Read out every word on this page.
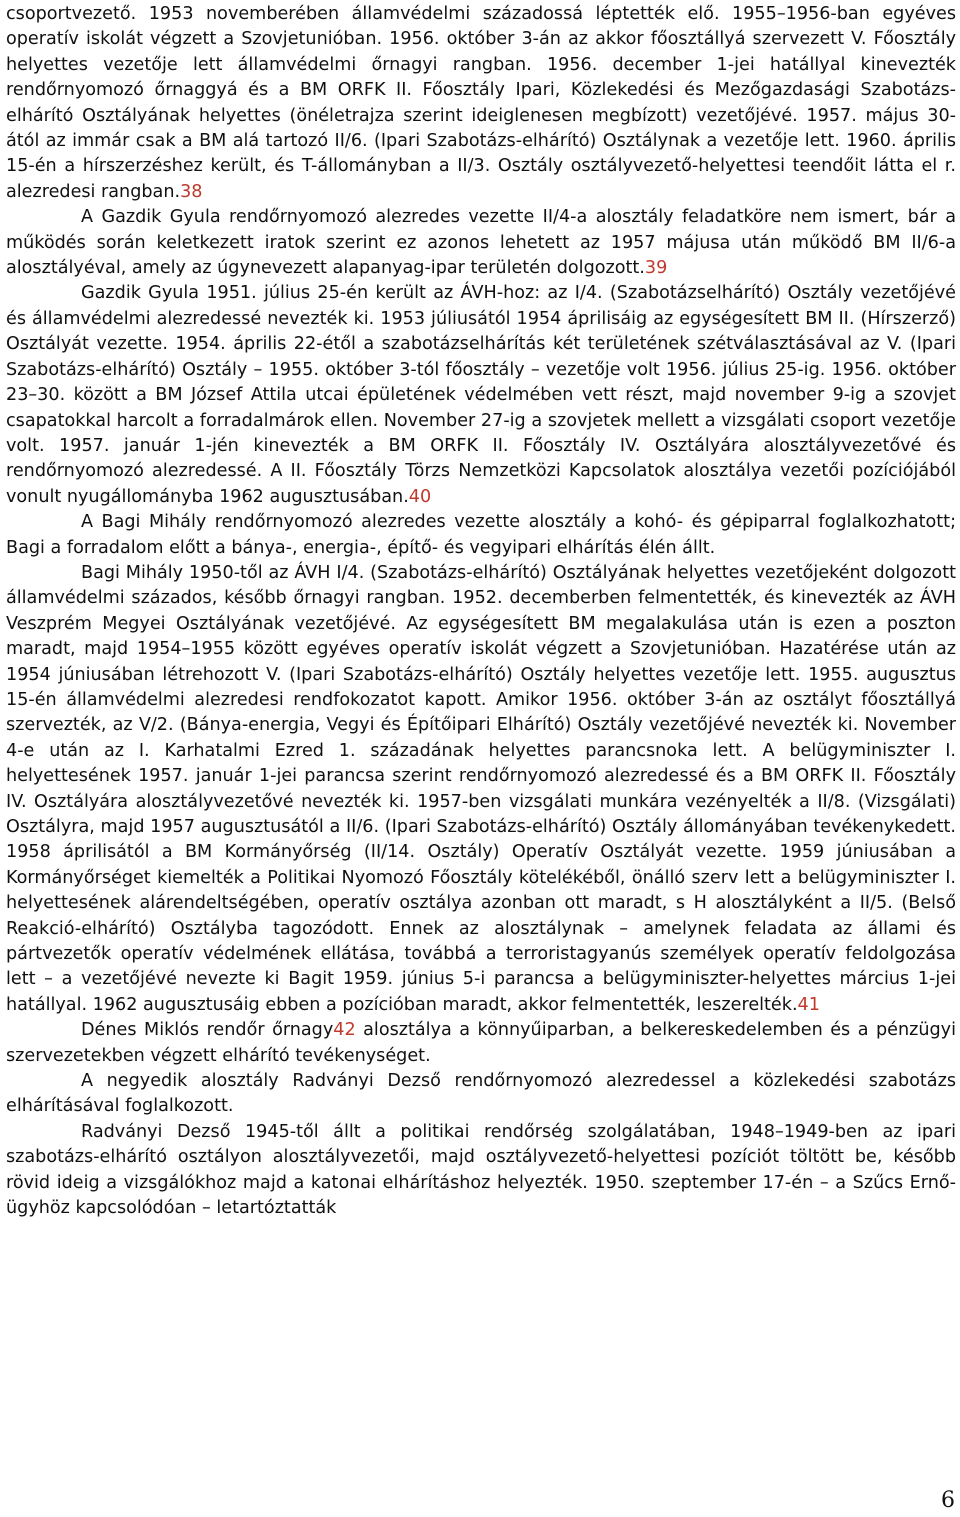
csoportvezető. 1953 novemberében államvédelmi századossá léptették elő. 1955–1956-ban egyéves operatív iskolát végzett a Szovjetunióban. 1956. október 3-án az akkor főosztállyá szervezett V. Főosztály helyettes vezetője lett államvédelmi őrnagyi rangban. 1956. december 1-jei hatállyal kinevezték rendőrnyomozó őrnaggyá és a BM ORFK II. Főosztály Ipari, Közlekedési és Mezőgazdasági Szabotázs-elhárító Osztályának helyettes (önéletrajza szerint ideiglenesen megbízott) vezetőjévé. 1957. május 30-ától az immár csak a BM alá tartozó II/6. (Ipari Szabotázs-elhárító) Osztálynak a vezetője lett. 1960. április 15-én a hírszerzéshez került, és T-állományban a II/3. Osztály osztályvezető-helyettesi teendőit látta el r. alezredesi rangban.38

A Gazdik Gyula rendőrnyomozó alezredes vezette II/4-a alosztály feladatköre nem ismert, bár a működés során keletkezett iratok szerint ez azonos lehetett az 1957 májusa után működő BM II/6-a alosztályéval, amely az úgynevezett alapanyag-ipar területén dolgozott.39

Gazdik Gyula 1951. július 25-én került az ÁVH-hoz: az I/4. (Szabotázselhárító) Osztály vezetőjévé és államvédelmi alezredessé nevezték ki. 1953 júliusától 1954 áprilisáig az egységesített BM II. (Hírszerző) Osztályát vezette. 1954. április 22-étől a szabotázselhárítás két területének szétválasztásával az V. (Ipari Szabotázs-elhárító) Osztály – 1955. október 3-tól főosztály – vezetője volt 1956. július 25-ig. 1956. október 23–30. között a BM József Attila utcai épületének védelmében vett részt, majd november 9-ig a szovjet csapatokkal harcolt a forradalmárok ellen. November 27-ig a szovjetek mellett a vizsgálati csoport vezetője volt. 1957. január 1-jén kinevezték a BM ORFK II. Főosztály IV. Osztályára alosztályvezetővé és rendőrnyomozó alezredessé. A II. Főosztály Törzs Nemzetközi Kapcsolatok alosztálya vezetői pozíciójából vonult nyugállományba 1962 augusztusában.40

A Bagi Mihály rendőrnyomozó alezredes vezette alosztály a kohó- és gépiparral foglalkozhatott; Bagi a forradalom előtt a bánya-, energia-, építő- és vegyipari elhárítás élén állt.

Bagi Mihály 1950-től az ÁVH I/4. (Szabotázs-elhárító) Osztályának helyettes vezetőjeként dolgozott államvédelmi százados, később őrnagyi rangban. 1952. decemberben felmentették, és kinevezték az ÁVH Veszprém Megyei Osztályának vezetőjévé. Az egységesített BM megalakulása után is ezen a poszton maradt, majd 1954–1955 között egyéves operatív iskolát végzett a Szovjetunióban. Hazatérése után az 1954 júniusában létrehozott V. (Ipari Szabotázs-elhárító) Osztály helyettes vezetője lett. 1955. augusztus 15-én államvédelmi alezredesi rendfokozatot kapott. Amikor 1956. október 3-án az osztályt főosztállyá szervezték, az V/2. (Bánya-energia, Vegyi és Építőipari Elhárító) Osztály vezetőjévé nevezték ki. November 4-e után az I. Karhatalmi Ezred 1. századának helyettes parancsnoka lett. A belügyminiszter I. helyettesének 1957. január 1-jei parancsa szerint rendőrnyomozó alezredessé és a BM ORFK II. Főosztály IV. Osztályára alosztályvezetővé nevezték ki. 1957-ben vizsgálati munkára vezényelték a II/8. (Vizsgálati) Osztályra, majd 1957 augusztusától a II/6. (Ipari Szabotázs-elhárító) Osztály állományában tevékenykedett. 1958 áprilisától a BM Kormányőrség (II/14. Osztály) Operatív Osztályát vezette. 1959 júniusában a Kormányőrséget kiemelték a Politikai Nyomozó Főosztály kötelékéből, önálló szerv lett a belügyminiszter I. helyettesének alárendeltségében, operatív osztálya azonban ott maradt, s H alosztályként a II/5. (Belső Reakció-elhárító) Osztályba tagozódott. Ennek az alosztálynak – amelynek feladata az állami és pártvezetők operatív védelmének ellátása, továbbá a terroristagyanús személyek operatív feldolgozása lett – a vezetőjévé nevezte ki Bagit 1959. június 5-i parancsa a belügyminiszter-helyettes március 1-jei hatállyal. 1962 augusztusáig ebben a pozícióban maradt, akkor felmentették, leszerelték.41

Dénes Miklós rendőr őrnagy42 alosztálya a könnyűiparban, a belkereskedelemben és a pénzügyi szervezetekben végzett elhárító tevékenységet.

A negyedik alosztály Radványi Dezső rendőrnyomozó alezredessel a közlekedési szabotázs elhárításával foglalkozott.

Radványi Dezső 1945-től állt a politikai rendőrség szolgálatában, 1948–1949-ben az ipari szabotázs-elhárító osztályon alosztályvezetői, majd osztályvezető-helyettesi pozíciót töltött be, később rövid ideig a vizsgálókhoz majd a katonai elhárításhoz helyezték. 1950. szeptember 17-én – a Szűcs Ernő-ügyhöz kapcsolódóan – letartóztatták

6
